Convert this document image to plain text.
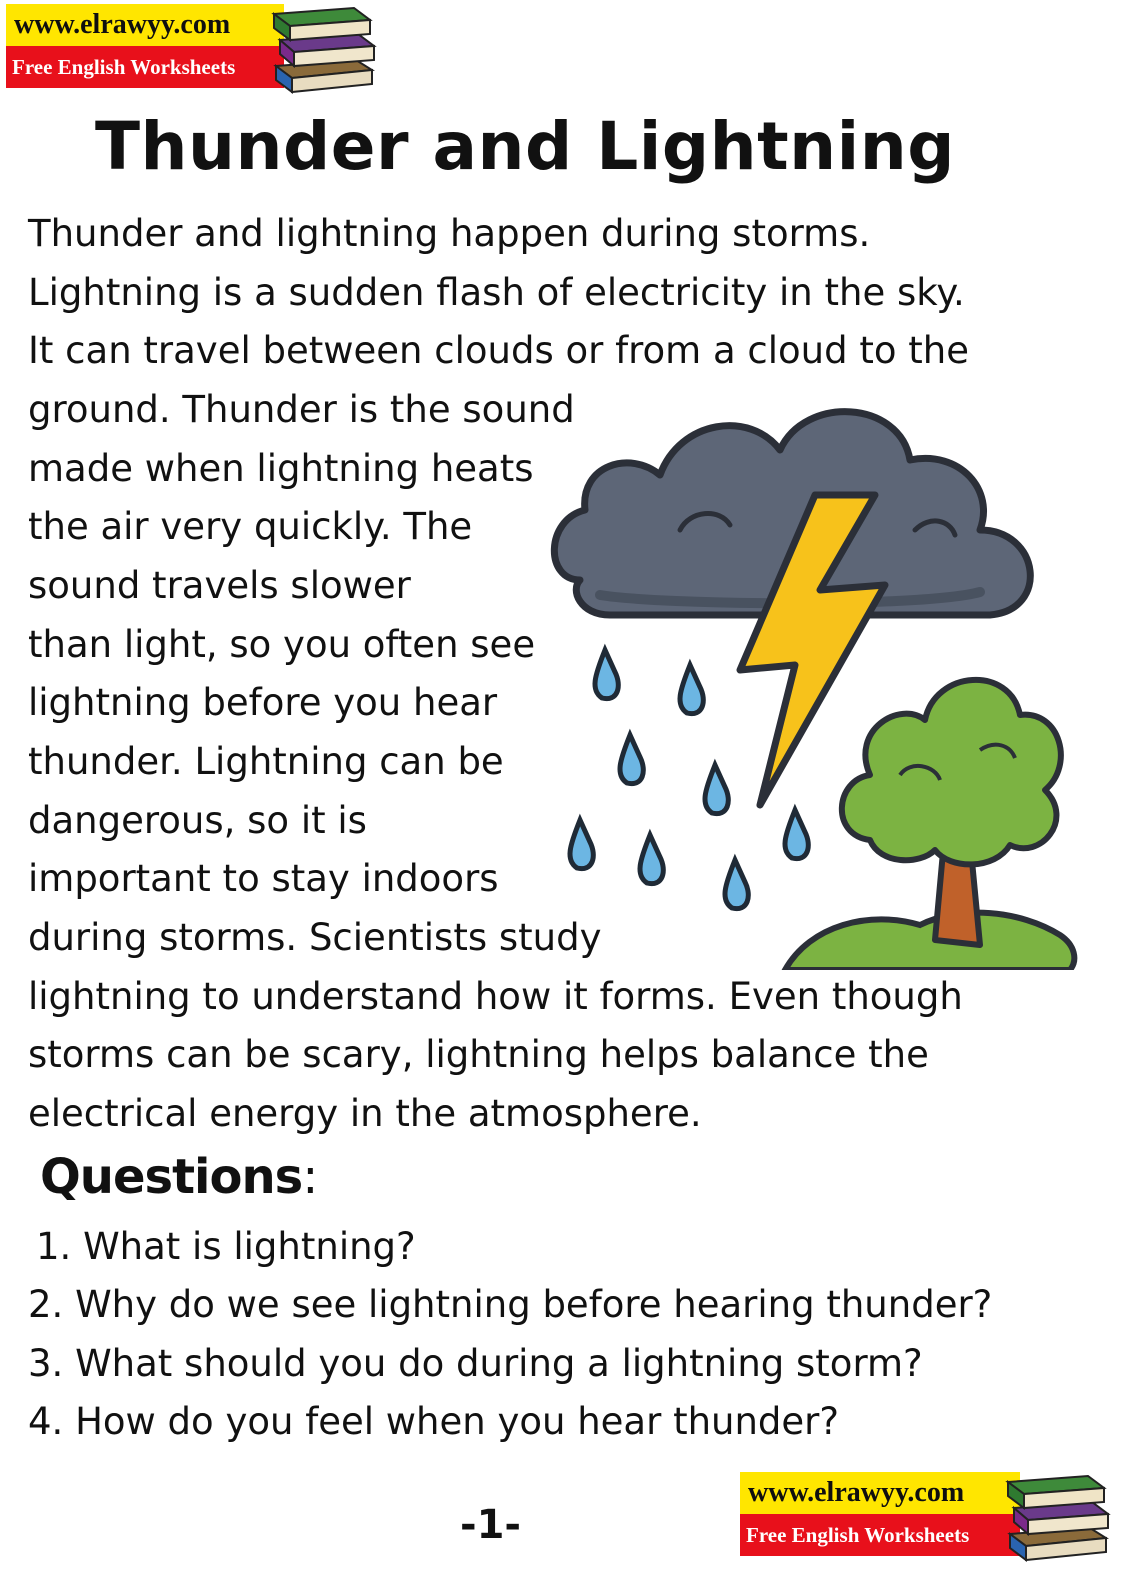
www.elrawyy.com
Free English Worksheets
Thunder and Lightning
Thunder and lightning happen during storms.
Lightning is a sudden flash of electricity in the sky.
It can travel between clouds or from a cloud to the
ground. Thunder is the sound
made when lightning heats
the air very quickly. The
sound travels slower
than light, so you often see
lightning before you hear
thunder. Lightning can be
dangerous, so it is
important to stay indoors
during storms. Scientists study
lightning to understand how it forms. Even though
storms can be scary, lightning helps balance the
electrical energy in the atmosphere.
Questions:
1. What is lightning?
2. Why do we see lightning before hearing thunder?
3. What should you do during a lightning storm?
4. How do you feel when you hear thunder?
-1-
www.elrawyy.com
Free English Worksheets
